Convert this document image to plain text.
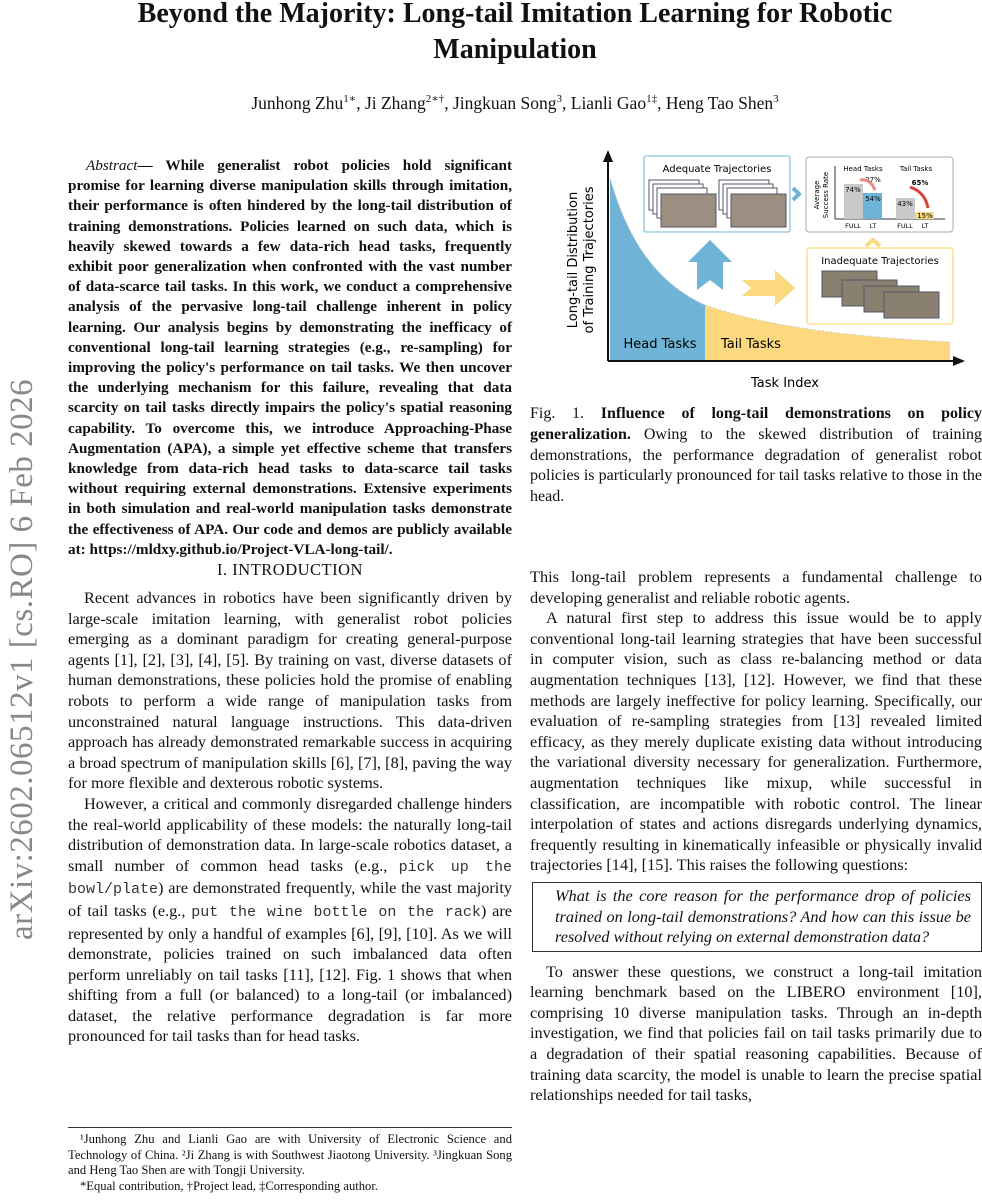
Beyond the Majority: Long-tail Imitation Learning for Robotic Manipulation
Junhong Zhu$^{1∗}$, Ji Zhang$^{2∗\dagger}$, Jingkuan Song$^3$, Lianli Gao$^{1\ddagger}$, Heng Tao Shen$^3$
arXiv:2602.06512v1 [cs.RO] 6 Feb 2026

Abstract— While generalist robot policies hold significant promise for learning diverse manipulation skills through imitation, their performance is often hindered by the long-tail distribution of training demonstrations. Policies learned on such data, which is heavily skewed towards a few data-rich head tasks, frequently exhibit poor generalization when confronted with the vast number of data-scarce tail tasks. In this work, we conduct a comprehensive analysis of the pervasive long-tail challenge inherent in policy learning. Our analysis begins by demonstrating the inefficacy of conventional long-tail learning strategies (e.g., re-sampling) for improving the policy's performance on tail tasks. We then uncover the underlying mechanism for this failure, revealing that data scarcity on tail tasks directly impairs the policy's spatial reasoning capability. To overcome this, we introduce Approaching-Phase Augmentation (APA), a simple yet effective scheme that transfers knowledge from data-rich head tasks to data-scarce tail tasks without requiring external demonstrations. Extensive experiments in both simulation and real-world manipulation tasks demonstrate the effectiveness of APA. Our code and demos are publicly available at: https://mldxy.github.io/Project-VLA-long-tail/.

I. INTRODUCTION

Recent advances in robotics have been significantly driven by large-scale imitation learning, with generalist robot policies emerging as a dominant paradigm for creating general-purpose agents [1], [2], [3], [4], [5]. By training on vast, diverse datasets of human demonstrations, these policies hold the promise of enabling robots to perform a wide range of manipulation tasks from unconstrained natural language instructions. This data-driven approach has already demonstrated remarkable success in acquiring a broad spectrum of manipulation skills [6], [7], [8], paving the way for more flexible and dexterous robotic systems.

However, a critical and commonly disregarded challenge hinders the real-world applicability of these models: the naturally long-tail distribution of demonstration data. In large-scale robotics dataset, a small number of common head tasks (e.g., pick up the bowl/plate) are demonstrated frequently, while the vast majority of tail tasks (e.g., put the wine bottle on the rack) are represented by only a handful of examples [6], [9], [10]. As we will demonstrate, policies trained on such imbalanced data often perform unreliably on tail tasks [11], [12]. Fig. 1 shows that when shifting from a full (or balanced) to a long-tail (or imbalanced) dataset, the relative performance degradation is far more pronounced for tail tasks than for head tasks.

¹Junhong Zhu and Lianli Gao are with University of Electronic Science and Technology of China. ²Ji Zhang is with Southwest Jiaotong University. ³Jingkuan Song and Heng Tao Shen are with Tongji University.

*Equal contribution, †Project lead, ‡Corresponding author.

Long-tail Distribution of Training Trajectories
Task Index
Head Tasks Tail Tasks
Adequate Trajectories
Average Success Rate
Head Tasks Tail Tasks
74%
54%
27%
43%
15%
65%
FULL LT	FULL LT
Inadequate Trajectories

Fig. 1. Influence of long-tail demonstrations on policy generalization. Owing to the skewed distribution of training demonstrations, the performance degradation of generalist robot policies is particularly pronounced for tail tasks relative to those in the head.

This long-tail problem represents a fundamental challenge to developing generalist and reliable robotic agents.

A natural first step to address this issue would be to apply conventional long-tail learning strategies that have been successful in computer vision, such as class re-balancing method or data augmentation techniques [13], [12]. However, we find that these methods are largely ineffective for policy learning. Specifically, our evaluation of re-sampling strategies from [13] revealed limited efficacy, as they merely duplicate existing data without introducing the variational diversity necessary for generalization. Furthermore, augmentation techniques like mixup, while successful in classification, are incompatible with robotic control. The linear interpolation of states and actions disregards underlying dynamics, frequently resulting in kinematically infeasible or physically invalid trajectories [14], [15]. This raises the following questions:

What is the core reason for the performance drop of policies trained on long-tail demonstrations? And how can this issue be resolved without relying on external demonstration data?

To answer these questions, we construct a long-tail imitation learning benchmark based on the LIBERO environment [10], comprising 10 diverse manipulation tasks. Through an in-depth investigation, we find that policies fail on tail tasks primarily due to a degradation of their spatial reasoning capabilities. Because of training data scarcity, the model is unable to learn the precise spatial relationships needed for tail tasks,
